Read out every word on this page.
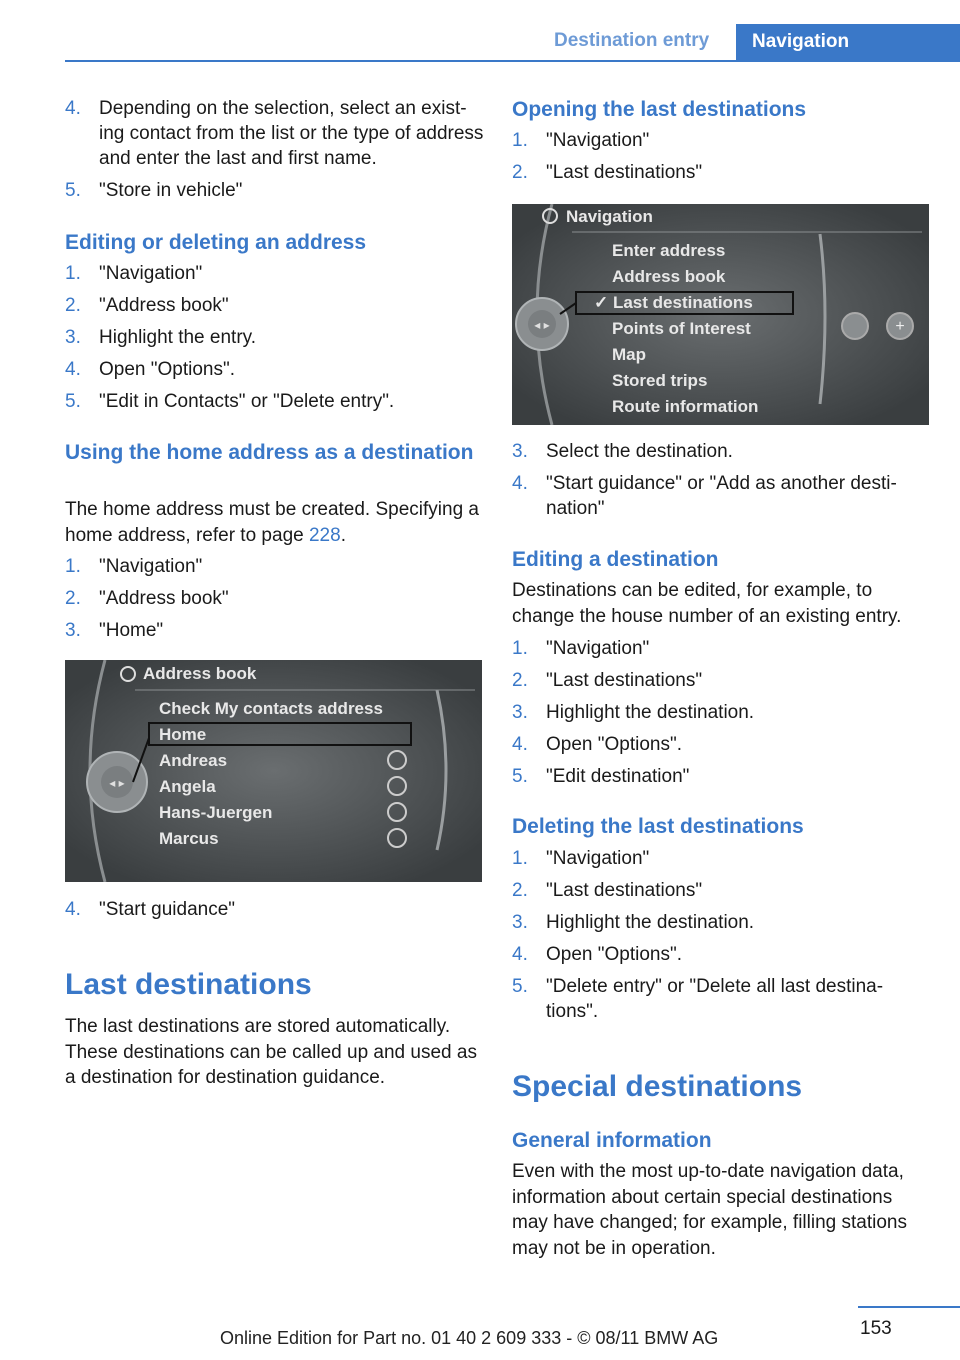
Destination entry Navigation
4. Depending on the selection, select an exist-ing contact from the list or the type of address and enter the last and first name.
5. "Store in vehicle"
Editing or deleting an address
1. "Navigation"
2. "Address book"
3. Highlight the entry.
4. Open "Options".
5. "Edit in Contacts" or "Delete entry".
Using the home address as a destination
The home address must be created. Specifying a home address, refer to page 228.
1. "Navigation"
2. "Address book"
3. "Home"
4. "Start guidance"
Last destinations
The last destinations are stored automatically. These destinations can be called up and used as a destination for destination guidance.
◂ ▸
Address book
Check My contacts address
Home
Andreas
Angela
Hans-Juergen
Marcus
Opening the last destinations
1. "Navigation"
2. "Last destinations"
3. Select the destination.
4. "Start guidance" or "Add as another desti-nation"
Editing a destination
Destinations can be edited, for example, to change the house number of an existing entry.
1. "Navigation"
2. "Last destinations"
3. Highlight the destination.
4. Open "Options".
5. "Edit destination"
Deleting the last destinations
1. "Navigation"
2. "Last destinations"
3. Highlight the destination.
4. Open "Options".
5. "Delete entry" or "Delete all last destina-tions".
Special destinations
General information
Even with the most up-to-date navigation data, information about certain special destinations may have changed; for example, filling stations may not be in operation.
◂ ▸	+
Navigation
Enter address
Address book
✓ Last destinations
Points of Interest
Map
Stored trips
Route information
153
Online Edition for Part no. 01 40 2 609 333 - © 08/11 BMW AG
